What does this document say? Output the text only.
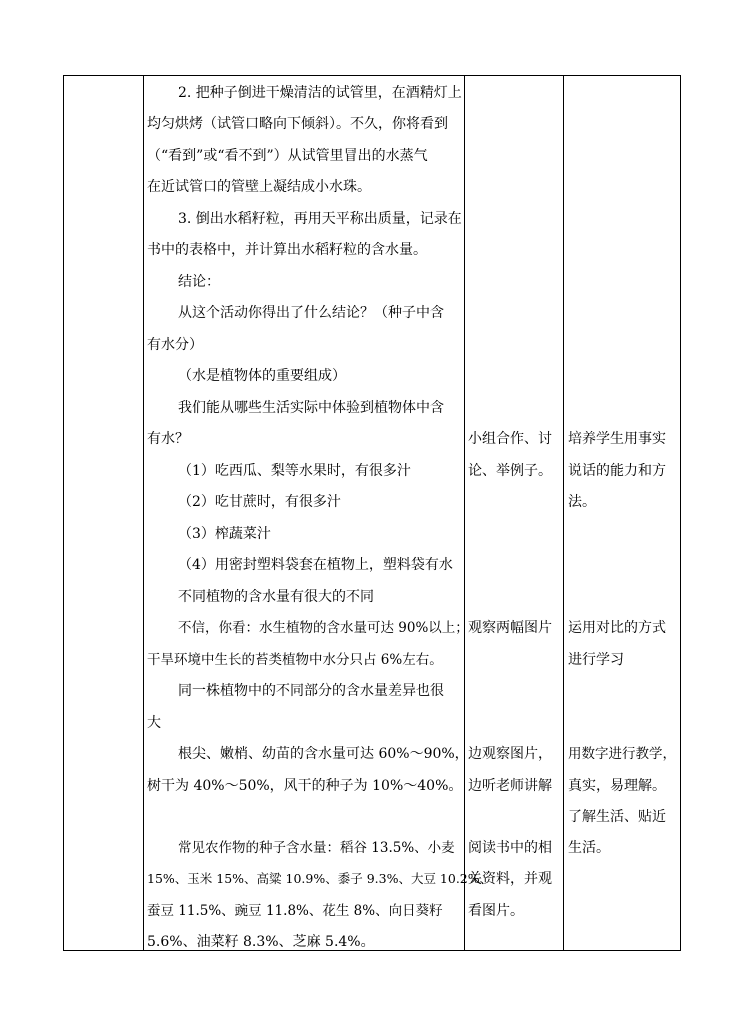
2. 把种子倒进干燥清洁的试管里，在酒精灯上
均匀烘烤（试管口略向下倾斜）。不久，你将看到
（“看到”或“看不到”）从试管里冒出的水蒸气
在近试管口的管壁上凝结成小水珠。
3. 倒出水稻籽粒，再用天平称出质量，记录在
书中的表格中，并计算出水稻籽粒的含水量。
结论：
从这个活动你得出了什么结论？（种子中含
有水分）
（水是植物体的重要组成）
我们能从哪些生活实际中体验到植物体中含
有水？
（1）吃西瓜、梨等水果时，有很多汁
（2）吃甘蔗时，有很多汁
（3）榨蔬菜汁
（4）用密封塑料袋套在植物上，塑料袋有水
不同植物的含水量有很大的不同
不信，你看：水生植物的含水量可达 90%以上；
干旱环境中生长的苔类植物中水分只占 6%左右。
同一株植物中的不同部分的含水量差异也很
大
根尖、嫩梢、幼苗的含水量可达 60%～90%，
树干为 40%～50%，风干的种子为 10%～40%。
常见农作物的种子含水量：稻谷 13.5%、小麦
15%、玉米 15%、高粱 10.9%、黍子 9.3%、大豆 10.2%、
蚕豆 11.5%、豌豆 11.8%、花生 8%、向日葵籽
5.6%、油菜籽 8.3%、芝麻 5.4%。
小组合作、讨
论、举例子。
观察两幅图片
边观察图片，
边听老师讲解
阅读书中的相
关资料，并观
看图片。
培养学生用事实
说话的能力和方
法。
运用对比的方式
进行学习
用数字进行教学，
真实，易理解。
了解生活、贴近
生活。
